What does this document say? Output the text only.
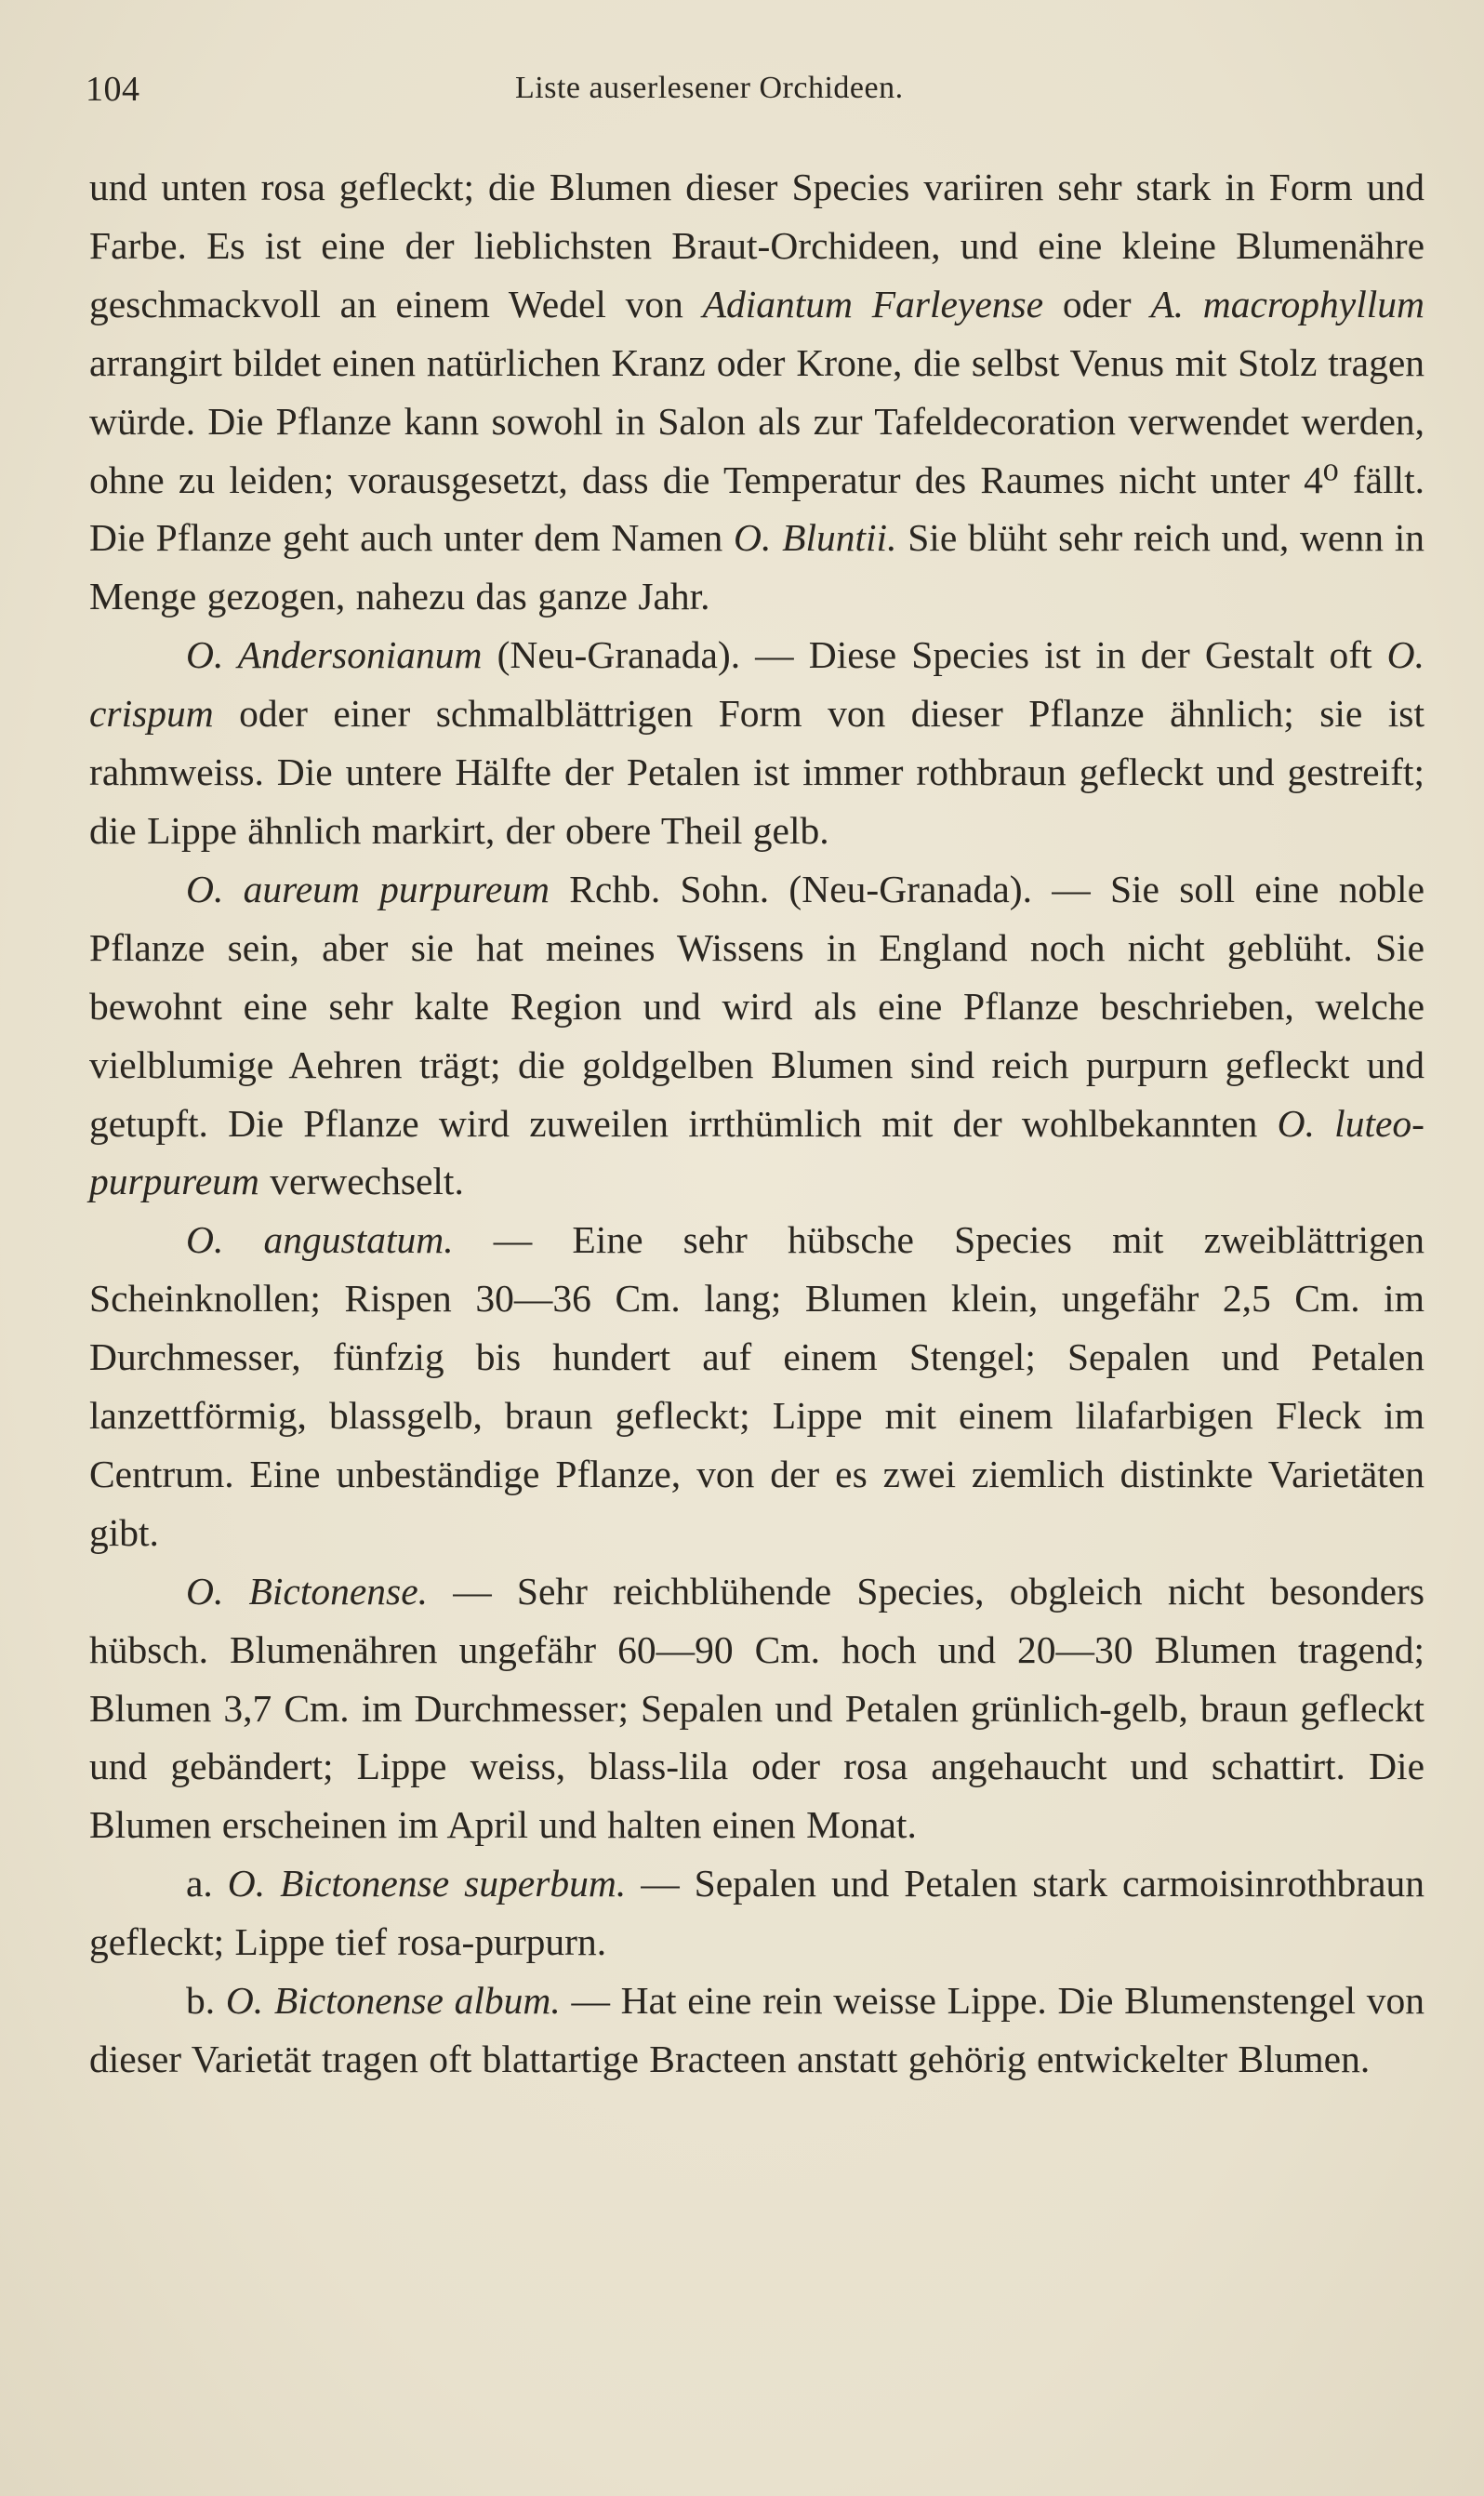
104	Liste auserlesener Orchideen.

und unten rosa gefleckt; die Blumen dieser Species variiren sehr stark in Form und Farbe. Es ist eine der lieblichsten Braut-Orchideen, und eine kleine Blumenähre geschmackvoll an einem Wedel von Adiantum Farleyense oder A. macrophyllum arrangirt bildet einen natürlichen Kranz oder Krone, die selbst Venus mit Stolz tragen würde. Die Pflanze kann sowohl in Salon als zur Tafeldecoration verwendet werden, ohne zu leiden; vorausgesetzt, dass die Temperatur des Raumes nicht unter 4⁰ fällt. Die Pflanze geht auch unter dem Namen O. Bluntii. Sie blüht sehr reich und, wenn in Menge gezogen, nahezu das ganze Jahr.

O. Andersonianum (Neu-Granada). — Diese Species ist in der Gestalt oft O. crispum oder einer schmalblättrigen Form von dieser Pflanze ähnlich; sie ist rahmweiss. Die untere Hälfte der Petalen ist immer rothbraun gefleckt und gestreift; die Lippe ähnlich markirt, der obere Theil gelb.

O. aureum purpureum Rchb. Sohn. (Neu-Granada). — Sie soll eine noble Pflanze sein, aber sie hat meines Wissens in England noch nicht geblüht. Sie bewohnt eine sehr kalte Region und wird als eine Pflanze beschrieben, welche vielblumige Aehren trägt; die goldgelben Blumen sind reich purpurn gefleckt und getupft. Die Pflanze wird zuweilen irrthümlich mit der wohlbekannten O. luteo-purpureum verwechselt.

O. angustatum. — Eine sehr hübsche Species mit zweiblättrigen Scheinknollen; Rispen 30—36 Cm. lang; Blumen klein, ungefähr 2,5 Cm. im Durchmesser, fünfzig bis hundert auf einem Stengel; Sepalen und Petalen lanzettförmig, blassgelb, braun gefleckt; Lippe mit einem lilafarbigen Fleck im Centrum. Eine unbeständige Pflanze, von der es zwei ziemlich distinkte Varietäten gibt.

O. Bictonense. — Sehr reichblühende Species, obgleich nicht besonders hübsch. Blumenähren ungefähr 60—90 Cm. hoch und 20—30 Blumen tragend; Blumen 3,7 Cm. im Durchmesser; Sepalen und Petalen grünlich-gelb, braun gefleckt und gebändert; Lippe weiss, blass-lila oder rosa angehaucht und schattirt. Die Blumen erscheinen im April und halten einen Monat.

a. O. Bictonense superbum. — Sepalen und Petalen stark carmoisinrothbraun gefleckt; Lippe tief rosa-purpurn.

b. O. Bictonense album. — Hat eine rein weisse Lippe. Die Blumenstengel von dieser Varietät tragen oft blattartige Bracteen anstatt gehörig entwickelter Blumen.
